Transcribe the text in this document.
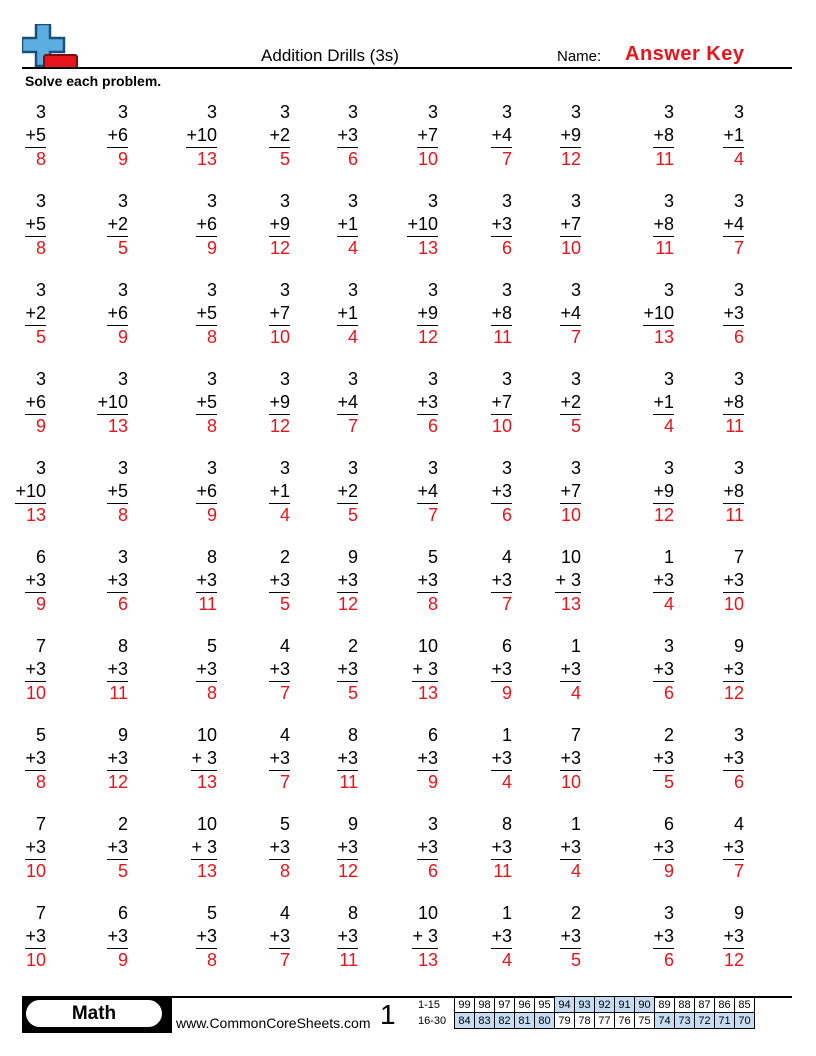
Addition Drills (3s)	Name: Answer Key
Solve each problem.
3
+5
8
3
+6
9
3
+10
13
3
+2
5
3
+3
6
3
+7
10
3
+4
7
3
+9
12
3
+8
11
3
+1
4
3
+5
8
3
+2
5
3
+6
9
3
+9
12
3
+1
4
3
+10
13
3
+3
6
3
+7
10
3
+8
11
3
+4
7
3
+2
5
3
+6
9
3
+5
8
3
+7
10
3
+1
4
3
+9
12
3
+8
11
3
+4
7
3
+10
13
3
+3
6
3
+6
9
3
+10
13
3
+5
8
3
+9
12
3
+4
7
3
+3
6
3
+7
10
3
+2
5
3
+1
4
3
+8
11
3
+10
13
3
+5
8
3
+6
9
3
+1
4
3
+2
5
3
+4
7
3
+3
6
3
+7
10
3
+9
12
3
+8
11
6
+3
9
3
+3
6
8
+3
11
2
+3
5
9
+3
12
5
+3
8
4
+3
7
10
+ 3
13
1
+3
4
7
+3
10
7
+3
10
8
+3
11
5
+3
8
4
+3
7
2
+3
5
10
+ 3
13
6
+3
9
1
+3
4
3
+3
6
9
+3
12
5
+3
8
9
+3
12
10
+ 3
13
4
+3
7
8
+3
11
6
+3
9
1
+3
4
7
+3
10
2
+3
5
3
+3
6
7
+3
10
2
+3
5
10
+ 3
13
5
+3
8
9
+3
12
3
+3
6
8
+3
11
1
+3
4
6
+3
9
4
+3
7
7
+3
10
6
+3
9
5
+3
8
4
+3
7
8
+3
11
10
+ 3
13
1
+3
4
2
+3
5
3
+3
6
9
+3
12
Math	www.CommonCoreSheets.com 1 1-15	99	98	97	96	95	94	93	92	91	90	89	88	87	86	85
16-30	84	83	82	81	80	79	78	77	76	75	74	73	72	71	70
